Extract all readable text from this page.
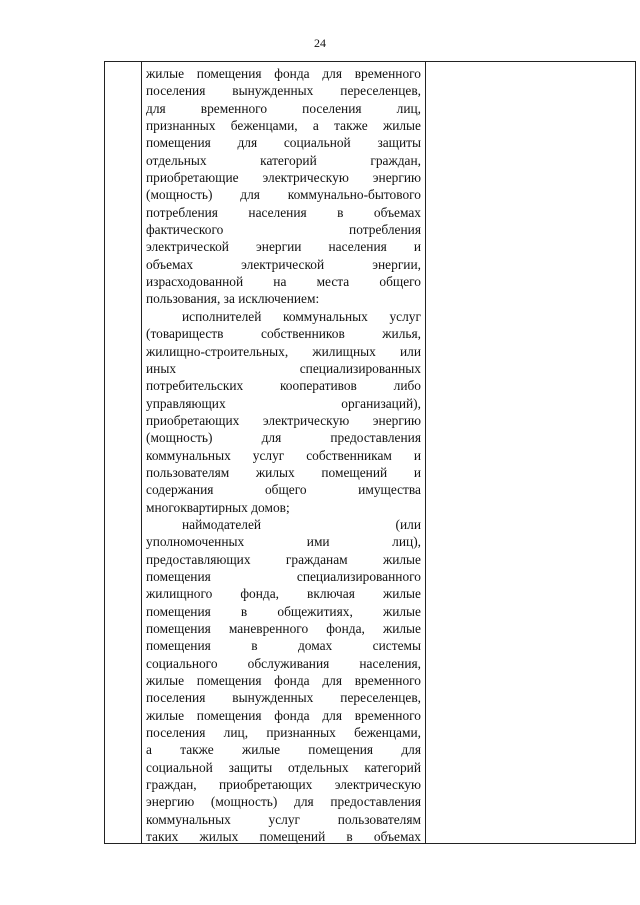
24
жилые помещения фонда для временного
поселения вынужденных переселенцев,
для временного поселения лиц,
признанных беженцами, а также жилые
помещения для социальной защиты
отдельных категорий граждан,
приобретающие электрическую энергию
(мощность) для коммунально-бытового
потребления населения в объемах
фактического потребления
электрической энергии населения и
объемах электрической энергии,
израсходованной на места общего
пользования, за исключением:
исполнителей коммунальных услуг
(товариществ собственников жилья,
жилищно-строительных, жилищных или
иных специализированных
потребительских кооперативов либо
управляющих организаций),
приобретающих электрическую энергию
(мощность) для предоставления
коммунальных услуг собственникам и
пользователям жилых помещений и
содержания общего имущества
многоквартирных домов;
наймодателей (или
уполномоченных ими лиц),
предоставляющих гражданам жилые
помещения специализированного
жилищного фонда, включая жилые
помещения в общежитиях, жилые
помещения маневренного фонда, жилые
помещения в домах системы
социального обслуживания населения,
жилые помещения фонда для временного
поселения вынужденных переселенцев,
жилые помещения фонда для временного
поселения лиц, признанных беженцами,
а также жилые помещения для
социальной защиты отдельных категорий
граждан, приобретающих электрическую
энергию (мощность) для предоставления
коммунальных услуг пользователям
таких жилых помещений в объемах
